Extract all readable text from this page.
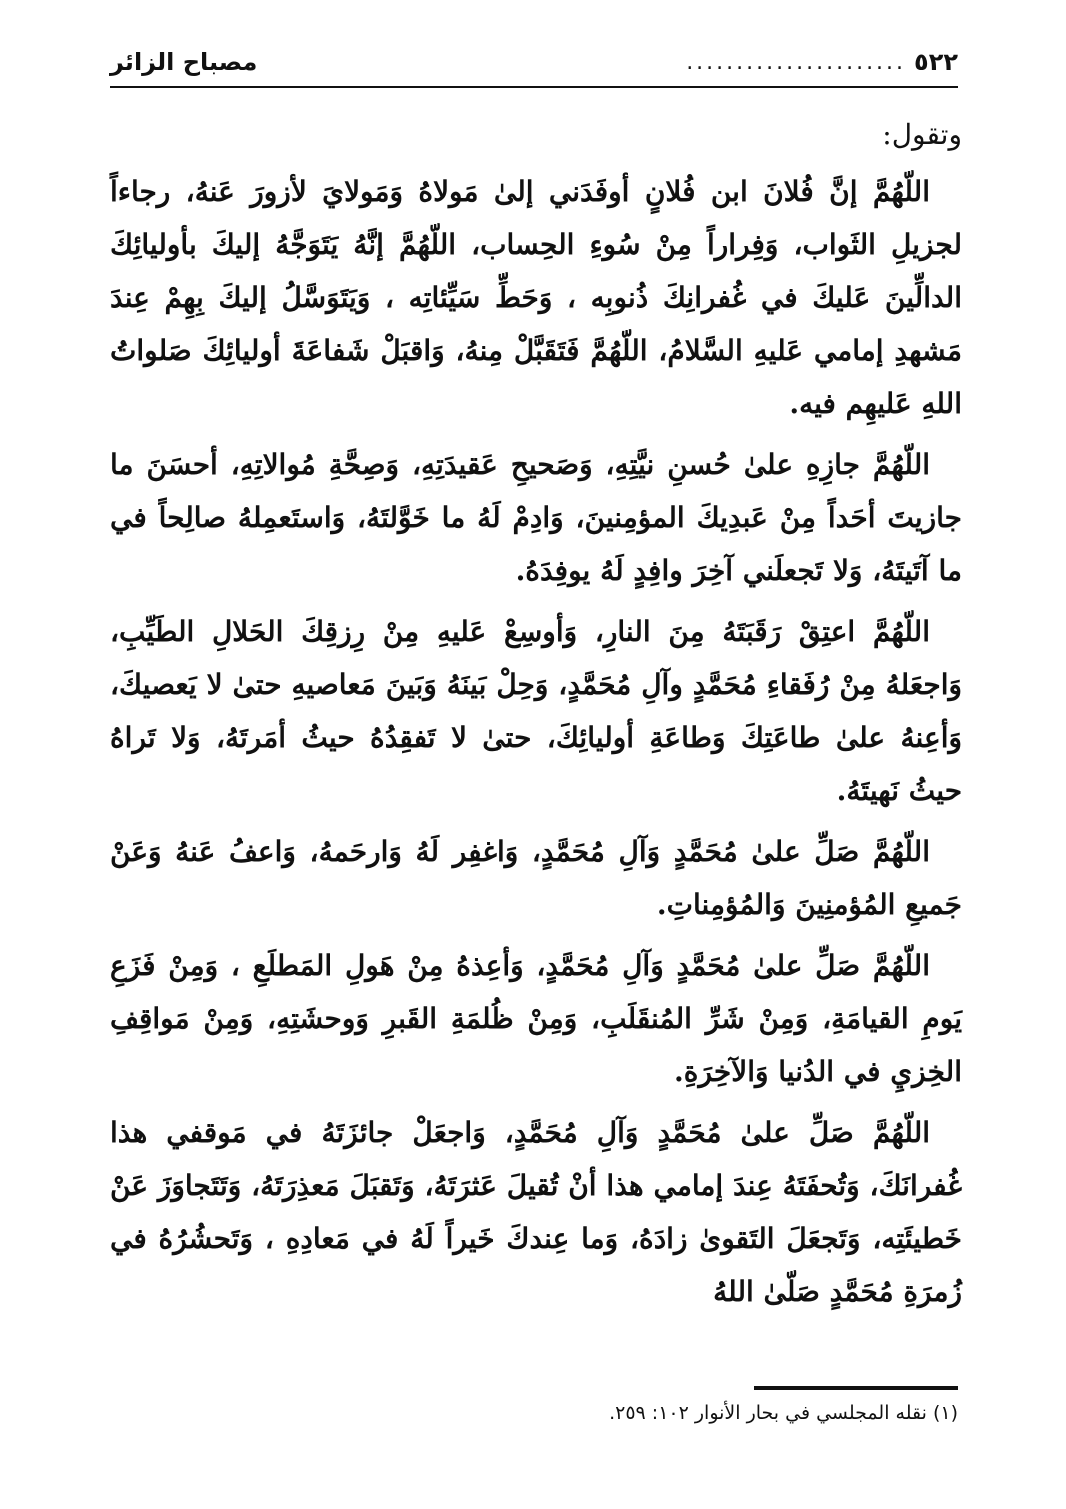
٥٢٢
......................
مصباح الزائر

وتقول:

اللّهُمَّ إنَّ فُلانَ ابن فُلانٍ أوفَدَني إلىٰ مَولاهُ وَمَولايَ لأزورَ عَنهُ، رجاءاً لجزيلِ الثَواب، وَفِراراً مِنْ سُوءِ الحِساب، اللّهُمَّ إنَّهُ يَتَوَجَّهُ إليكَ بأوليائِكَ الدالِّينَ عَليكَ في غُفرانِكَ ذُنوبِه ، وَحَطِّ سَيِّئاتِه ، وَيَتَوَسَّلُ إليكَ بِهِمْ عِندَ مَشهدِ إمامي عَليهِ السَّلامُ، اللّهُمَّ فَتَقَبَّلْ مِنهُ، وَاقبَلْ شَفاعَةَ أوليائِكَ صَلواتُ اللهِ عَليهِم فيه.

اللّهُمَّ جازِهِ علىٰ حُسنِ نيَّتِهِ، وَصَحيحِ عَقيدَتِهِ، وَصِحَّةِ مُوالاتِهِ، أحسَنَ ما جازيتَ أحَداً مِنْ عَبدِيكَ المؤمِنينَ، وَادِمْ لَهُ ما خَوَّلتَهُ، وَاستَعمِلهُ صالِحاً في ما آتَيتَهُ، وَلا تَجعلَني آخِرَ وافِدٍ لَهُ يوفِدَهُ.

اللّهُمَّ اعتِقْ رَقَبَتَهُ مِنَ النارِ، وَأوسِعْ عَليهِ مِنْ رِزقِكَ الحَلالِ الطَيِّبِ، وَاجعَلهُ مِنْ رُفَقاءِ مُحَمَّدٍ وآلِ مُحَمَّدٍ، وَحِلْ بَينَهُ وَبَينَ مَعاصيهِ حتىٰ لا يَعصيكَ، وَأعِنهُ علىٰ طاعَتِكَ وَطاعَةِ أوليائِكَ، حتىٰ لا تَفقِدُهُ حيثُ أمَرتَهُ، وَلا تَراهُ حيثُ نَهيتَهُ.

اللّهُمَّ صَلِّ علىٰ مُحَمَّدٍ وَآلِ مُحَمَّدٍ، وَاغفِر لَهُ وَارحَمهُ، وَاعفُ عَنهُ وَعَنْ جَميعِ المُؤمنِينَ وَالمُؤمِناتِ.

اللّهُمَّ صَلِّ علىٰ مُحَمَّدٍ وَآلِ مُحَمَّدٍ، وَأعِذهُ مِنْ هَولِ المَطلَعِ ، وَمِنْ فَزَعِ يَومِ القيامَةِ، وَمِنْ شَرِّ المُنقَلَبِ، وَمِنْ ظُلمَةِ القَبرِ وَوحشَتِهِ، وَمِنْ مَواقِفِ الخِزيِ في الدُنيا وَالآخِرَةِ.

اللّهُمَّ صَلِّ علىٰ مُحَمَّدٍ وَآلِ مُحَمَّدٍ، وَاجعَلْ جائزَتَهُ في مَوقفي هذا غُفرانَكَ، وَتُحفَتَهُ عِندَ إمامي هذا أنْ تُقيلَ عَثرَتَهُ، وَتَقبَلَ مَعذِرَتَهُ، وَتَتَجاوَزَ عَنْ خَطيئَتِه، وَتَجعَلَ التَقوىٰ زادَهُ، وَما عِندكَ خَيراً لَهُ في مَعادِهِ ، وَتَحشُرُهُ في زُمرَةِ مُحَمَّدٍ صَلّىٰ اللهُ

(١) نقله المجلسي في بحار الأنوار ١٠٢: ٢٥٩.
